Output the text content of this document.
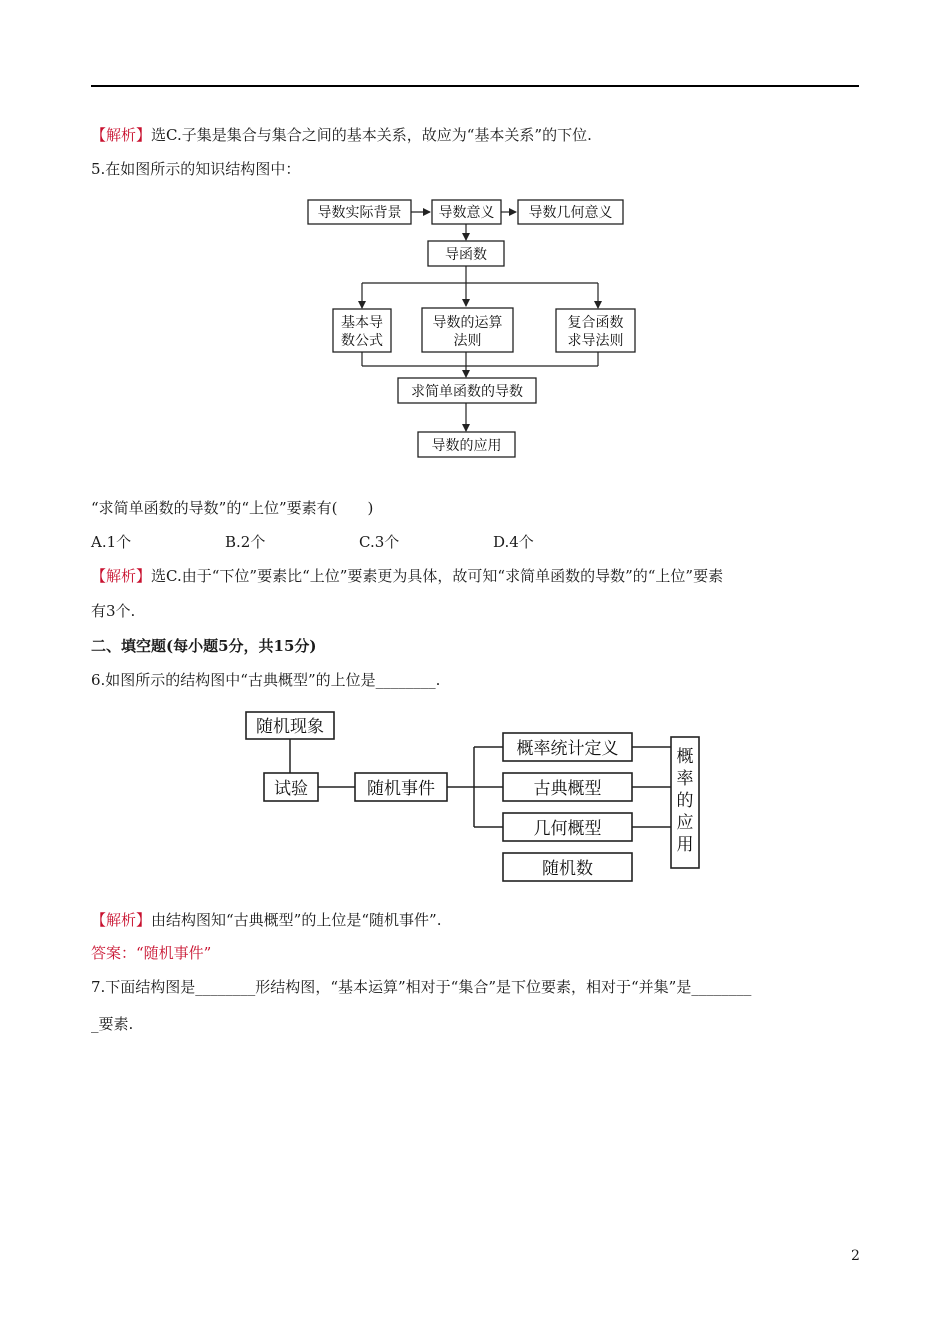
【解析】选C.子集是集合与集合之间的基本关系，故应为“基本关系”的下位.
5.在如图所示的知识结构图中：
导数实际背景	导数意义 导数几何意义
导函数
基本导
数公式
导数的运算
法则
复合函数
求导法则
求简单函数的导数
导数的应用
“求简单函数的导数”的“上位”要素有(　　)
A.1个	B.2个	C.3个	D.4个
【解析】选C.由于“下位”要素比“上位”要素更为具体，故可知“求简单函数的导数”的“上位”要素
有3个.
二、填空题(每小题5分，共15分)
6.如图所示的结构图中“古典概型”的上位是________.
随机现象
试验	随机事件
概率统计定义
古典概型
几何概型
随机数
概
率
的
应
用
【解析】由结构图知“古典概型”的上位是“随机事件”.
答案：“随机事件”
7.下面结构图是________形结构图，“基本运算”相对于“集合”是下位要素，相对于“并集”是________
_要素.
2
